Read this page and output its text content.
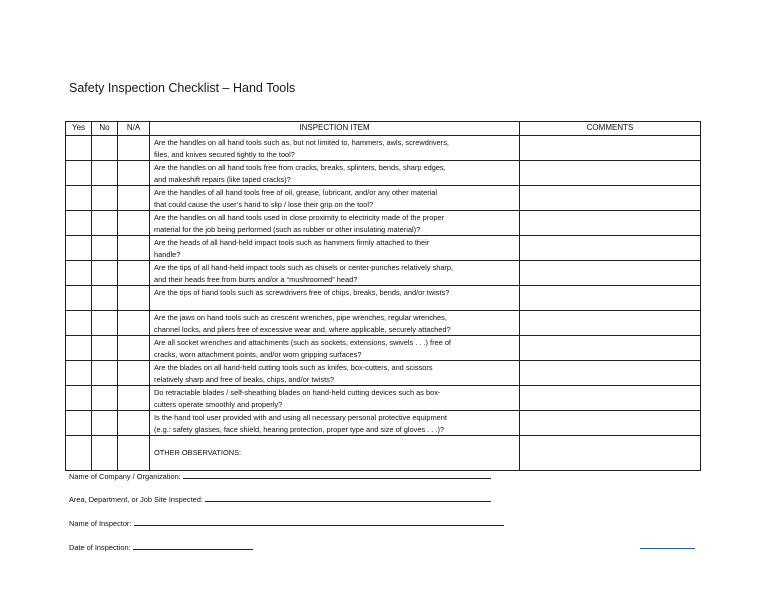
Safety Inspection Checklist – Hand Tools
Yes	No	N/A	INSPECTION ITEM	COMMENTS

			Are the handles on all hand tools such as, but not limited to, hammers, awls, screwdrivers,
files, and knives secured tightly to the tool?	

			Are the handles on all hand tools free from cracks, breaks, splinters, bends, sharp edges,
and makeshift repairs (like taped cracks)?	

			Are the handles of all hand tools free of oil, grease, lubricant, and/or any other material
that could cause the user’s hand to slip / lose their grip on the tool?	

			Are the handles on all hand tools used in close proximity to electricity made of the proper
material for the job being performed (such as rubber or other insulating material)?	

			Are the heads of all hand-held impact tools such as hammers firmly attached to their
handle?	

			Are the tips of all hand-held impact tools such as chisels or center-punches relatively sharp,
and their heads free from burrs and/or a “mushroomed” head?	

			Are the tips of hand tools such as screwdrivers free of chips, breaks, bends, and/or twists?	

			Are the jaws on hand tools such as crescent wrenches, pipe wrenches, regular wrenches,
channel locks, and pliers free of excessive wear and, where applicable, securely attached?	

			Are all socket wrenches and attachments (such as sockets, extensions, swivels . . .) free of
cracks, worn attachment points, and/or worn gripping surfaces?	

			Are the blades on all hand-held cutting tools such as knifes, box-cutters, and scissors
relatively sharp and free of beaks, chips, and/or twists?	

			Do retractable blades / self-sheathing blades on hand-held cutting devices such as box-
cutters operate smoothly and properly?	

			Is the hand tool user provided with and using all necessary personal protective equipment
(e.g.: safety glasses, face shield, hearing protection, proper type and size of gloves . . .)?	

			OTHER OBSERVATIONS:	
Name of Company / Organization:
Area, Department, or Job Site Inspected:
Name of Inspector:
Date of Inspection:
